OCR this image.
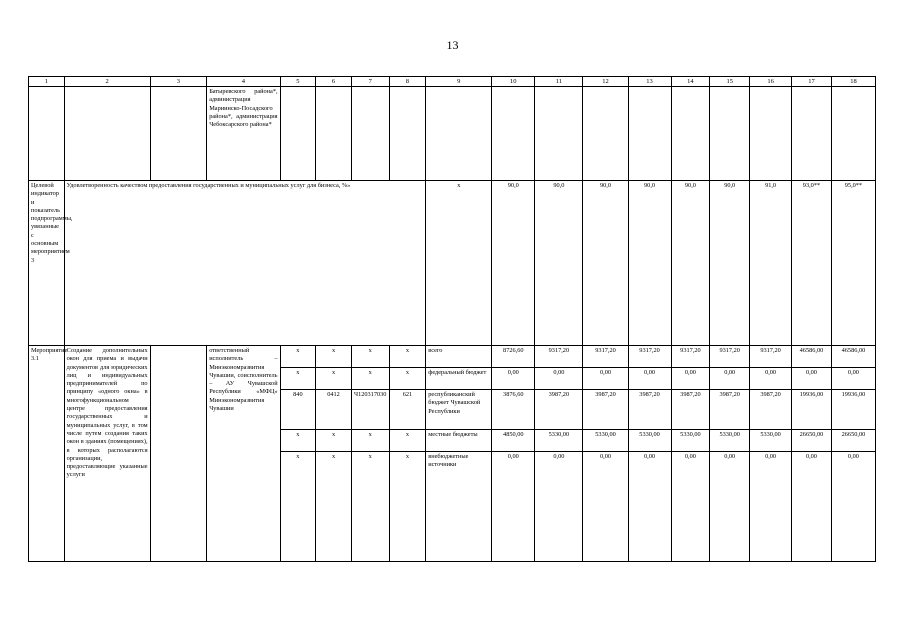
13
1	2	3	4	5	6	7	8	9	10	11	12	13	14	15	16	17	18
			Батыревского района*, администрация Мариинско-Посадского района*, администрация Чебоксарского района*														
Целевой индикатор и показатель подпрограммы, увязанные с основным мероприятием 3	Удовлетворенность качеством предоставления государственных и муниципальных услуг для бизнеса, %»							х	90,0	90,0	90,0	90,0	90,0	90,0	91,0	93,0**	95,0**
Мероприятие 3.1	Создание дополнительных окон для приема и выдачи документов для юридических лиц и индивидуальных предпринимателей по принципу «одного окна» в многофункциональном центре предоставления государственных и муниципальных услуг, в том числе путем создания таких окон в зданиях (помещениях), в которых располагаются организации, предоставляющие указанные услуги		ответственный исполнитель – Минэкономразвития Чувашии, соисполнитель – АУ Чувашской Республики «МФЦ» Минэкономразвития Чувашии	х	х	х	х	всего	8726,60	9317,20	9317,20	9317,20	9317,20	9317,20	9317,20	46586,00	46586,00
				х	х	х	х	федеральный бюджет	0,00	0,00	0,00	0,00	0,00	0,00	0,00	0,00	0,00
				840	0412	Ч120317030	621	республиканский бюджет Чувашской Республики	3876,60	3987,20	3987,20	3987,20	3987,20	3987,20	3987,20	19936,00	19936,00
				х	х	х	х	местные бюджеты	4850,00	5330,00	5330,00	5330,00	5330,00	5330,00	5330,00	26650,00	26650,00
				х	х	х	х	внебюджетные источники	0,00	0,00	0,00	0,00	0,00	0,00	0,00	0,00	0,00
